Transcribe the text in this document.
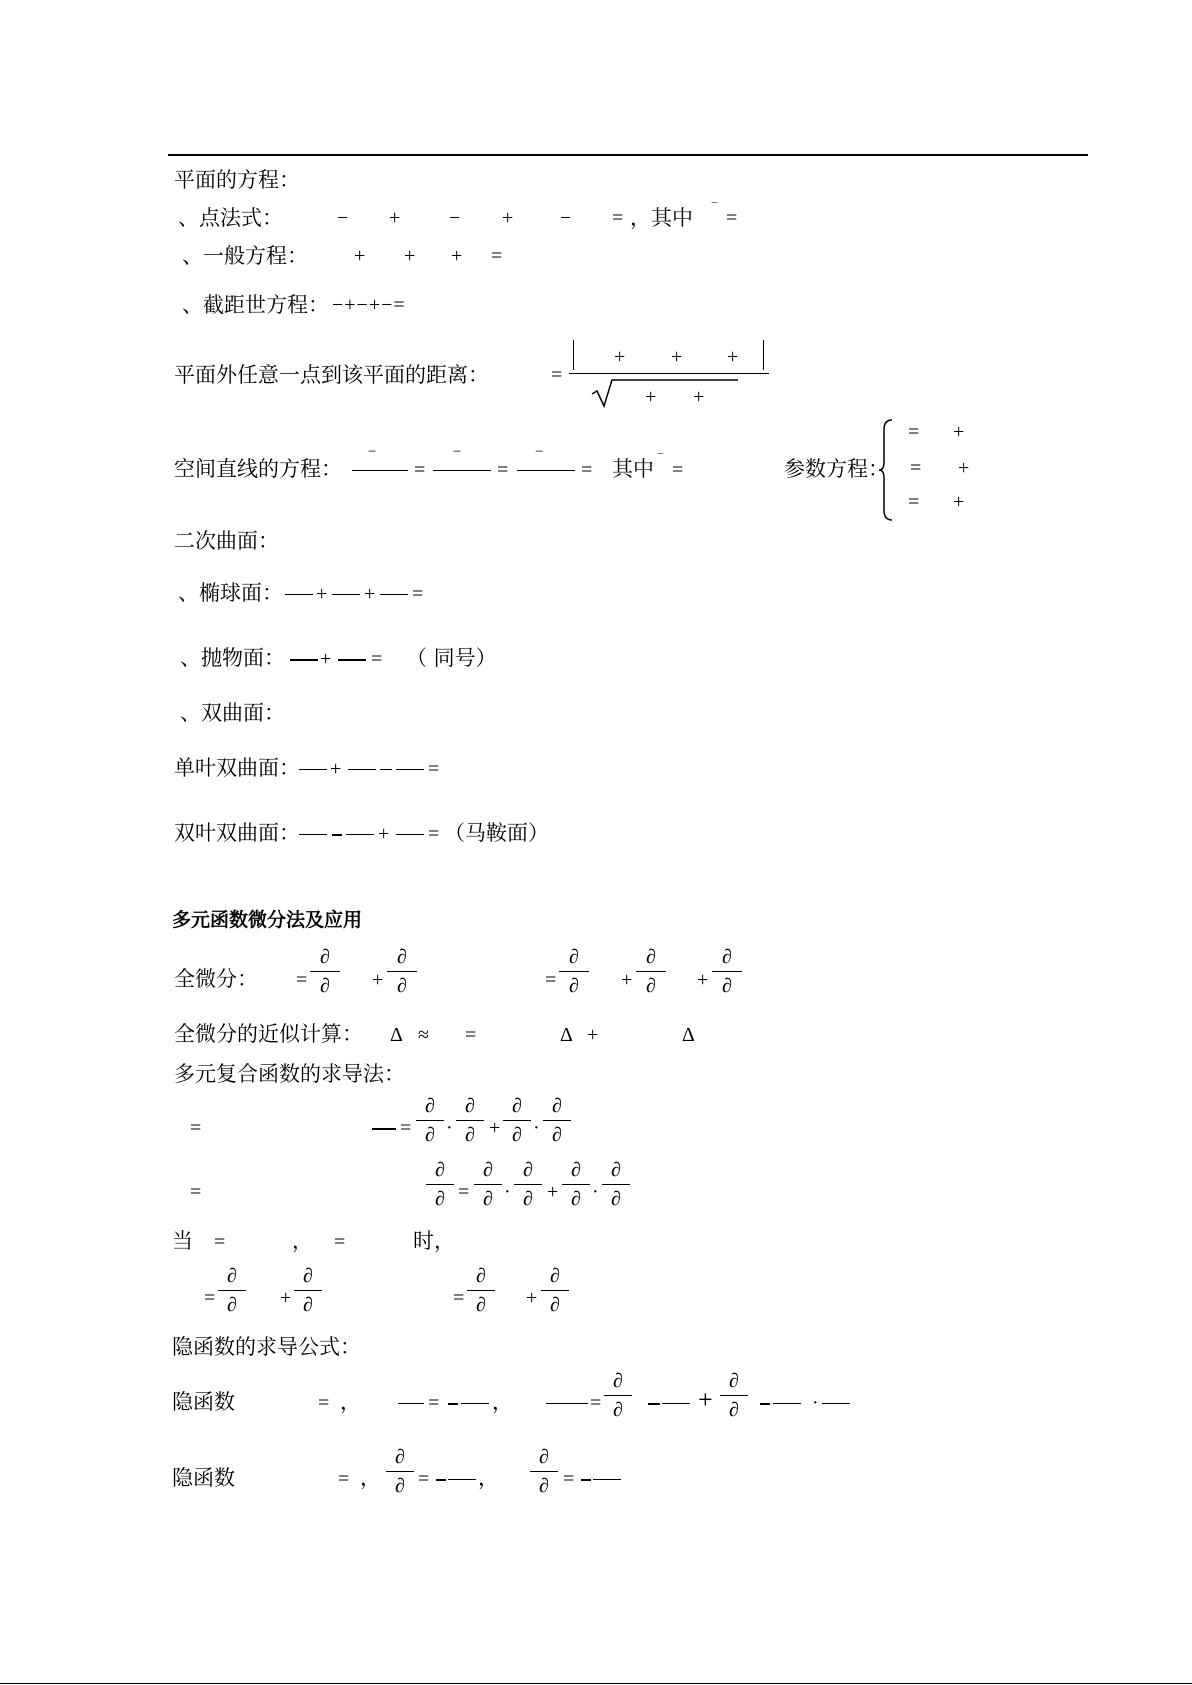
平面的方程：
、点法式：	− + − + − = ，其中 ‾ =
、一般方程： + + + =
、截距世方程： −+−+−=
平面外任意一点到该平面的距离：	=
+ + +
+ +
空间直线的方程：
−
=
−
=
−
= 其中 ‾ =	参数方程：
= +
= +
= +
二次曲面：
、椭球面： + + =
、抛物面： + = （ 同号）
、双曲面：
单叶双曲面： +	=
双叶双曲面：	+ = （马鞍面）
多元函数微分法及应用
全微分： =
∂
∂	+
∂
∂	=
∂
∂	+
∂
∂	+
∂
∂
全微分的近似计算： Δ ≈ =	Δ +	Δ
多元复合函数的求导法：
=	=
∂
∂ ·
∂
∂ +
∂
∂ ·
∂
∂
=
∂
∂ =
∂
∂ ·
∂
∂ +
∂
∂ ·
∂
∂
当 =	， =	时，
=
∂
∂	+
∂
∂	=
∂
∂	+
∂
∂
隐函数的求导公式：
隐函数	= ，	=	，	=
∂
∂	+
∂
∂	·
隐函数	= ，
∂
∂ = ，
∂
∂ =
